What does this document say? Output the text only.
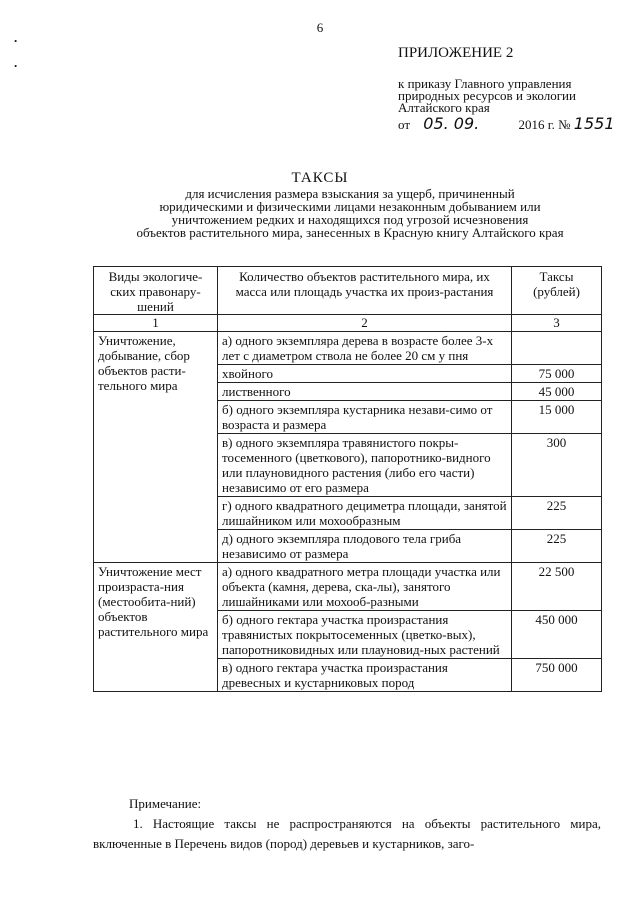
6
.
.
ПРИЛОЖЕНИЕ 2
к приказу Главного управления
природных ресурсов и экологии
Алтайского края
от 05. 09.	2016 г. № 1551
ТАКСЫ
для исчисления размера взыскания за ущерб, причиненный
юридическими и физическими лицами незаконным добыванием или
уничтожением редких и находящихся под угрозой исчезновения
объектов растительного мира, занесенных в Красную книгу Алтайского края
Виды экологиче-ских правонару-шений	Количество объектов растительного мира, их масса или площадь участка их произ-растания	Таксы (рублей)
1	2	3
Уничтожение, добывание, сбор объектов расти-тельного мира	а) одного экземпляра дерева в возрасте более 3-х лет с диаметром ствола не более 20 см у пня	
	хвойного	75 000
	лиственного	45 000
	б) одного экземпляра кустарника незави-симо от возраста и размера	15 000
	в) одного экземпляра травянистого покры-тосеменного (цветкового), папоротнико-видного или плауновидного растения (либо его части) независимо от его размера	300
	г) одного квадратного дециметра площади, занятой лишайником или мохообразным	225
	д) одного экземпляра плодового тела гриба независимо от размера	225
Уничтожение мест произраста-ния (местообита-ний) объектов растительного мира	а) одного квадратного метра площади участка или объекта (камня, дерева, ска-лы), занятого лишайниками или мохооб-разными	22 500
	б) одного гектара участка произрастания травянистых покрытосеменных (цветко-вых), папоротниковидных или плауновид-ных растений	450 000
	в) одного гектара участка произрастания древесных и кустарниковых пород	750 000
Примечание:
1. Настоящие таксы не распространяются на объекты растительного мира, включенные в Перечень видов (пород) деревьев и кустарников, заго-
